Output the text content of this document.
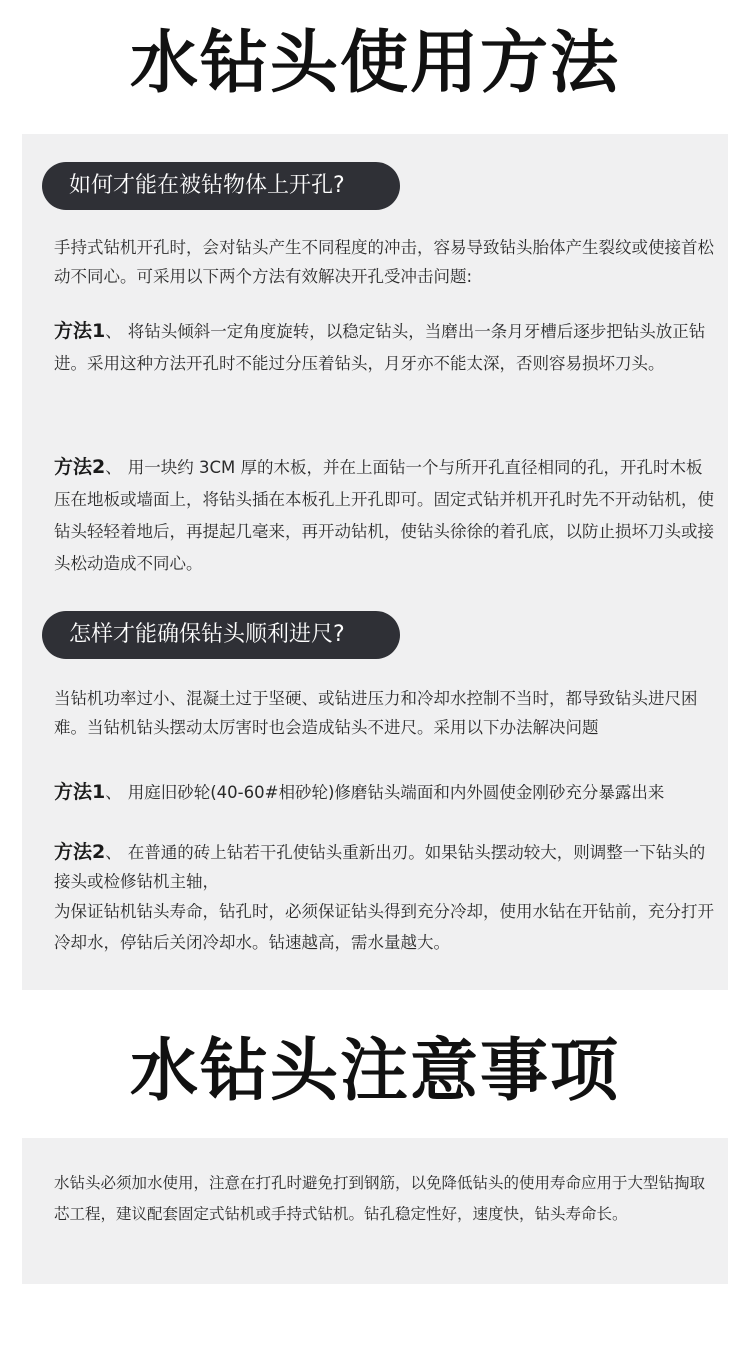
水钻头使用方法
如何才能在被钻物体上开孔?

手持式钻机开孔时，会对钻头产生不同程度的冲击，容易导致钻头胎体产生裂纹或使接首松动不同心。可采用以下两个方法有效解决开孔受冲击问题:

方法1、 将钻头倾斜一定角度旋转，以稳定钻头，当磨出一条月牙槽后逐步把钻头放正钻进。采用这种方法开孔时不能过分压着钻头，月牙亦不能太深，否则容易损坏刀头。

方法2、 用一块约 3CM 厚的木板，并在上面钻一个与所开孔直径相同的孔，开孔时木板压在地板或墙面上，将钻头插在本板孔上开孔即可。固定式钻并机开孔时先不开动钻机，使钻头轻轻着地后，再提起几毫来，再开动钻机，使钻头徐徐的着孔底，以防止损坏刀头或接头松动造成不同心。

怎样才能确保钻头顺利进尺?

当钻机功率过小、混凝土过于坚硬、或钻进压力和冷却水控制不当时，都导致钻头进尺困难。当钻机钻头摆动太厉害时也会造成钻头不进尺。采用以下办法解决问题

方法1、 用庭旧砂轮(40-60#相砂轮)修磨钻头端面和内外圆使金刚砂充分暴露出来

方法2、 在普通的砖上钻若干孔使钻头重新出刃。如果钻头摆动较大，则调整一下钻头的接头或检修钻机主轴，
为保证钻机钻头寿命，钻孔时，必须保证钻头得到充分冷却，使用水钻在开钻前，充分打开冷却水，停钻后关闭冷却水。钻速越高，需水量越大。
水钻头注意事项

水钻头必须加水使用，注意在打孔时避免打到钢筋，以免降低钻头的使用寿命应用于大型钻掏取芯工程，建议配套固定式钻机或手持式钻机。钻孔稳定性好，速度快，钻头寿命长。
